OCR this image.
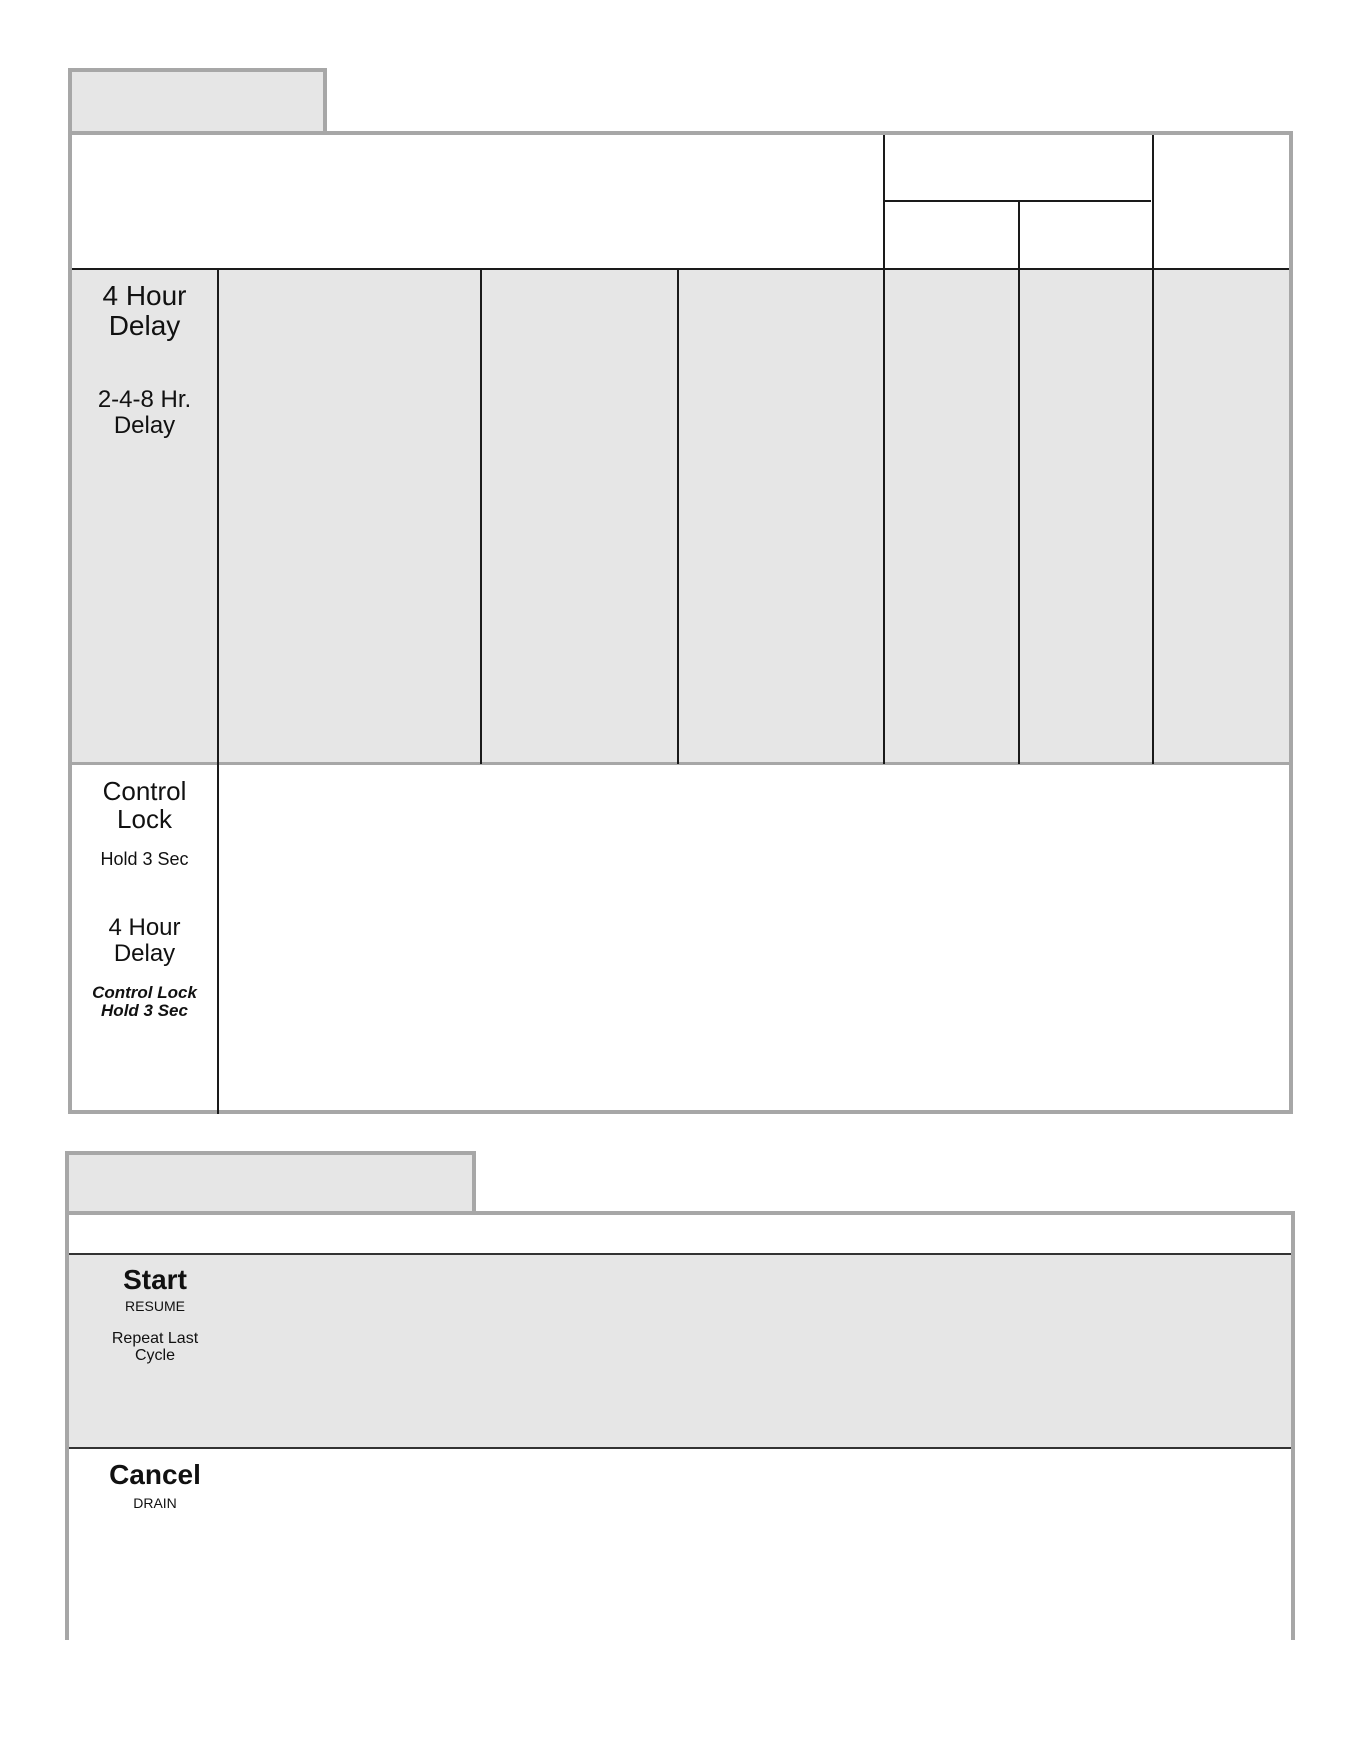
4 Hour
Delay
2-4-8 Hr.
Delay
Control
Lock
Hold 3 Sec
4 Hour
Delay
Control Lock
Hold 3 Sec
Start
RESUME
Repeat Last
Cycle
Cancel
DRAIN
